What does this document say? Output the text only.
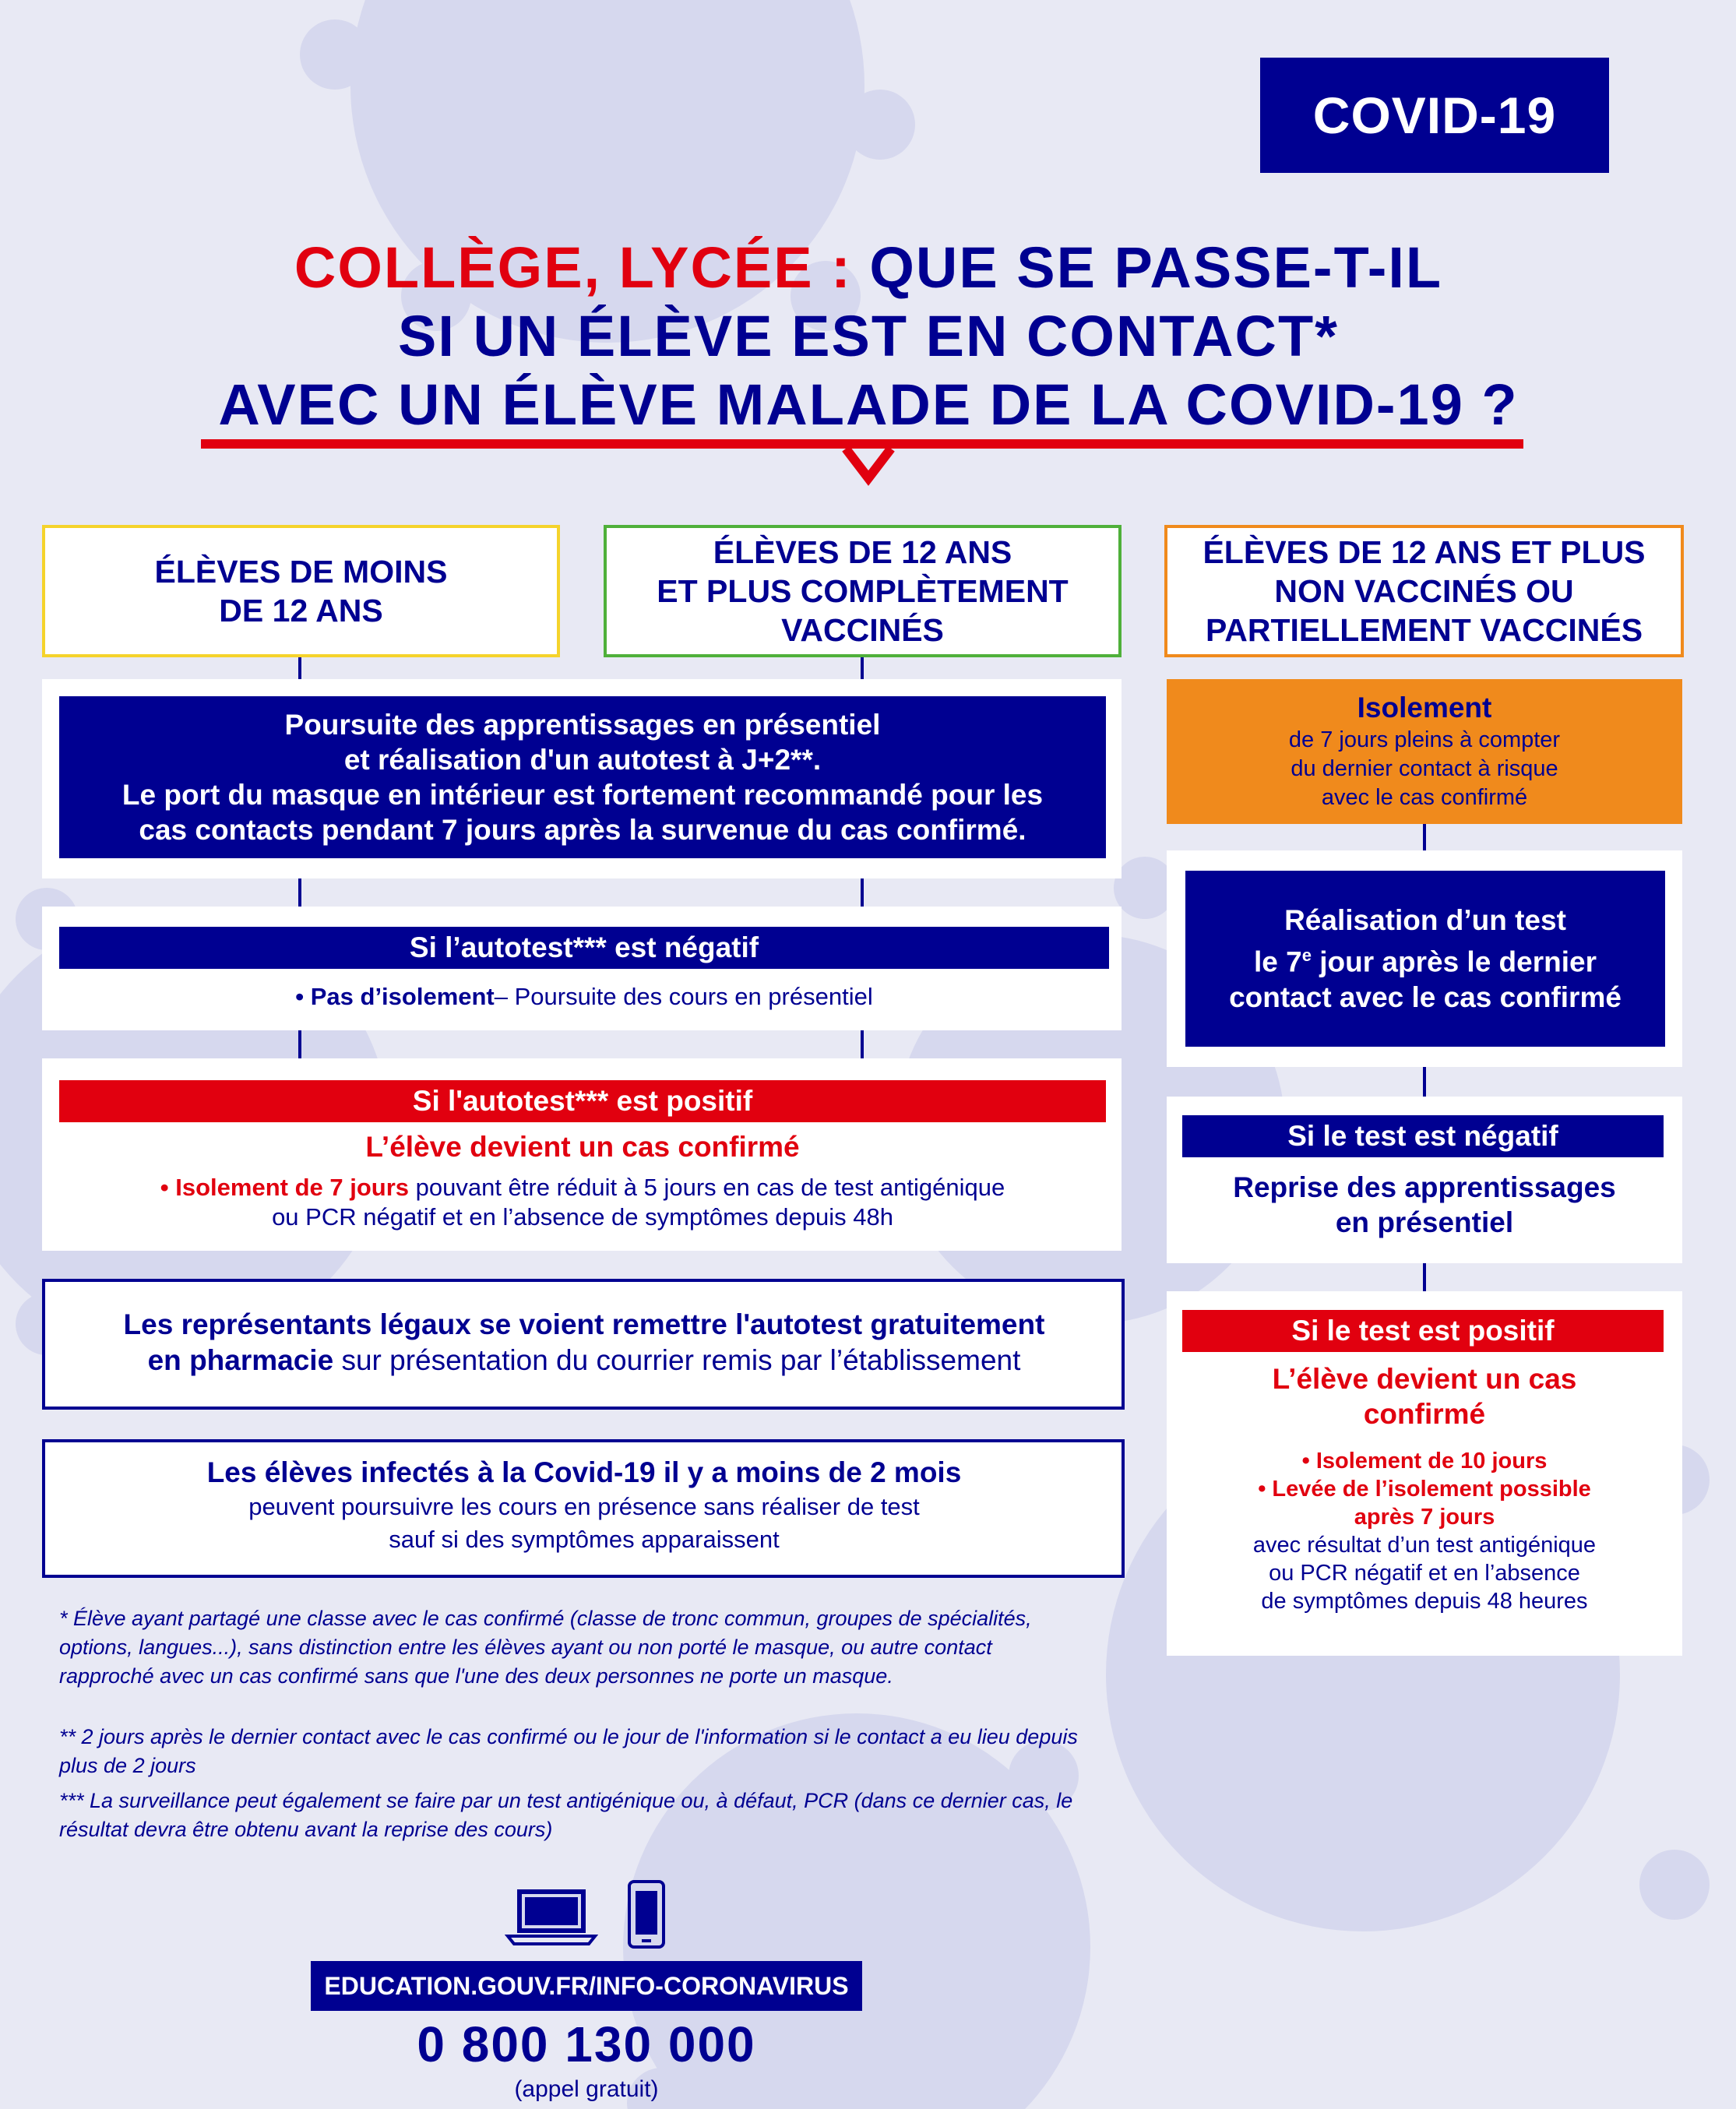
COVID-19
COLLÈGE, LYCÉE : QUE SE PASSE-T-IL
SI UN ÉLÈVE EST EN CONTACT*
AVEC UN ÉLÈVE MALADE DE LA COVID-19 ?
ÉLÈVES DE MOINS
DE 12 ANS
ÉLÈVES DE 12 ANS
ET PLUS COMPLÈTEMENT
VACCINÉS
ÉLÈVES DE 12 ANS ET PLUS
NON VACCINÉS OU
PARTIELLEMENT VACCINÉS
Poursuite des apprentissages en présentiel
et réalisation d'un autotest à J+2**.
Le port du masque en intérieur est fortement recommandé pour les
cas contacts pendant 7 jours après la survenue du cas confirmé.
Si l’autotest*** est négatif
• Pas d’isolement– Poursuite des cours en présentiel
Si l'autotest*** est positif
L’élève devient un cas confirmé
• Isolement de 7 jours pouvant être réduit à 5 jours en cas de test antigénique
ou PCR négatif et en l’absence de symptômes depuis 48h
Les représentants légaux se voient remettre l'autotest gratuitement
en pharmacie sur présentation du courrier remis par l’établissement
Les élèves infectés à la Covid-19 il y a moins de 2 mois
peuvent poursuivre les cours en présence sans réaliser de test
sauf si des symptômes apparaissent
* Élève ayant partagé une classe avec le cas confirmé (classe de tronc commun, groupes de spécialités, options, langues...), sans distinction entre les élèves ayant ou non porté le masque, ou autre contact rapproché avec un cas confirmé sans que l'une des deux personnes ne porte un masque.
** 2 jours après le dernier contact avec le cas confirmé ou le jour de l'information si le contact a eu lieu depuis plus de 2 jours
*** La surveillance peut également se faire par un test antigénique ou, à défaut, PCR (dans ce dernier cas, le résultat devra être obtenu avant la reprise des cours)
Isolement
de 7 jours pleins à compter
du dernier contact à risque
avec le cas confirmé
Réalisation d’un test
le 7e jour après le dernier
contact avec le cas confirmé
Si le test est négatif
Reprise des apprentissages
en présentiel
Si le test est positif
L’élève devient un cas
confirmé
• Isolement de 10 jours
• Levée de l’isolement possible
après 7 jours
avec résultat d’un test antigénique
ou PCR négatif et en l’absence
de symptômes depuis 48 heures
EDUCATION.GOUV.FR/INFO-CORONAVIRUS
0 800 130 000
(appel gratuit)
